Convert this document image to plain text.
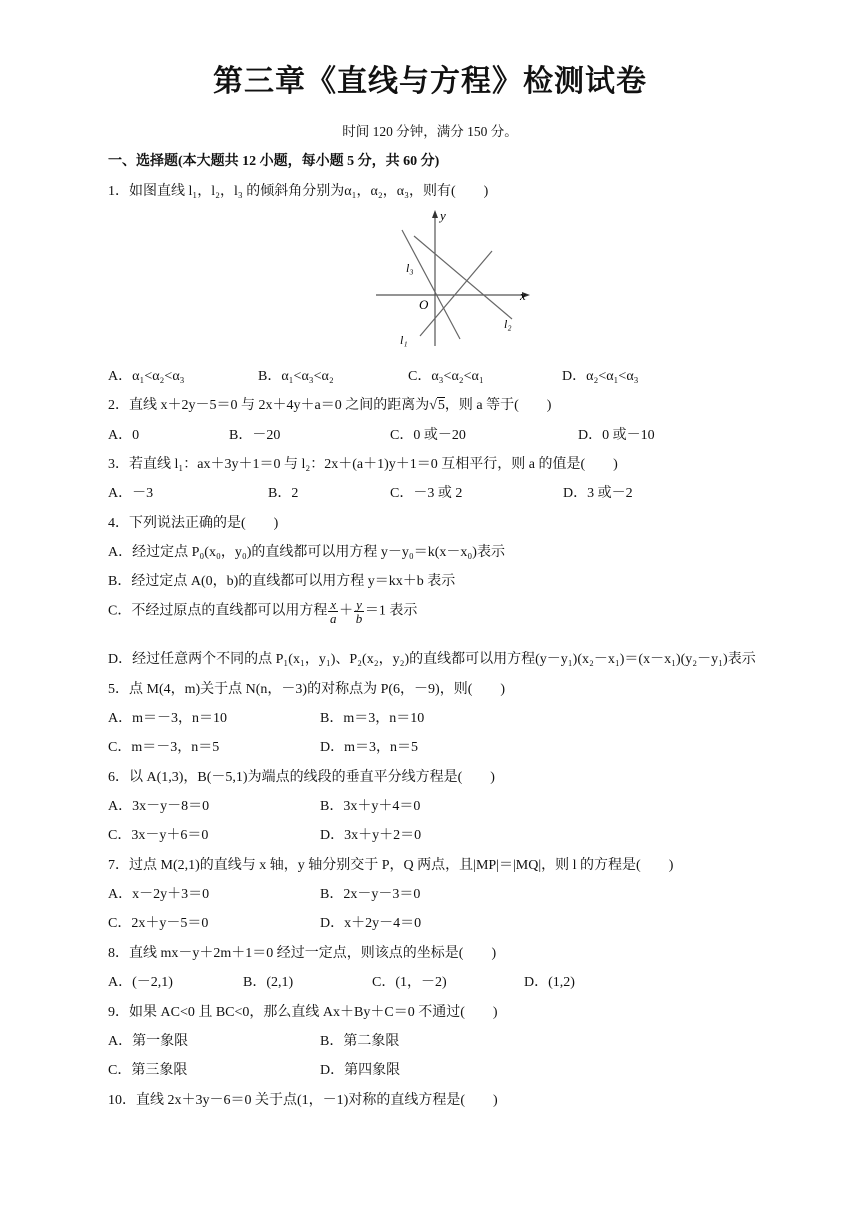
第三章《直线与方程》检测试卷
时间 120 分钟，满分 150 分。
一、选择题(本大题共 12 小题，每小题 5 分，共 60 分)
1．如图直线 l₁，l₂，l₃ 的倾斜角分别为α₁，α₂，α₃，则有(　　)
y
x
O
l₃
l₂
l₁
A．α₁<α₂<α₃	B．α₁<α₃<α₂	C．α₃<α₂<α₁	D．α₂<α₁<α₃
2．直线 x＋2y－5＝0 与 2x＋4y＋a＝0 之间的距离为√5，则 a 等于(　　)
A．0	B．－20	C．0 或－20	D．0 或－10
3．若直线 l₁：ax＋3y＋1＝0 与 l₂：2x＋(a＋1)y＋1＝0 互相平行，则 a 的值是(　　)
A．－3	B．2	C．－3 或 2	D．3 或－2
4．下列说法正确的是(　　)
A．经过定点 P₀(x₀，y₀)的直线都可以用方程 y－y₀＝k(x－x₀)表示
B．经过定点 A(0，b)的直线都可以用方程 y＝kx＋b 表示
C．不经过原点的直线都可以用方程 $\frac{x}{a} + \frac{y}{b} =1$ 表示
D．经过任意两个不同的点 P₁(x₁，y₁)、P₂(x₂，y₂)的直线都可以用方程(y－y₁)(x₂－x₁)＝(x－x₁)(y₂－y₁)表示
5．点 M(4，m)关于点 N(n，－3)的对称点为 P(6，－9)，则(　　)
A．m＝－3，n＝10	B．m＝3，n＝10
C．m＝－3，n＝5	D．m＝3，n＝5
6．以 A(1,3)，B(－5,1)为端点的线段的垂直平分线方程是(　　)
A．3x－y－8＝0	B．3x＋y＋4＝0
C．3x－y＋6＝0	D．3x＋y＋2＝0
7．过点 M(2,1)的直线与 x 轴，y 轴分别交于 P，Q 两点，且|MP|＝|MQ|，则 l 的方程是(　　)
A．x－2y＋3＝0	B．2x－y－3＝0
C．2x＋y－5＝0	D．x＋2y－4＝0
8．直线 mx－y＋2m＋1＝0 经过一定点，则该点的坐标是(　　)
A．(－2,1)	B．(2,1)	C．(1，－2)	D．(1,2)
9．如果 AC<0 且 BC<0，那么直线 Ax＋By＋C＝0 不通过(　　)
A．第一象限	B．第二象限
C．第三象限	D．第四象限
10．直线 2x＋3y－6＝0 关于点(1，－1)对称的直线方程是(　　)
